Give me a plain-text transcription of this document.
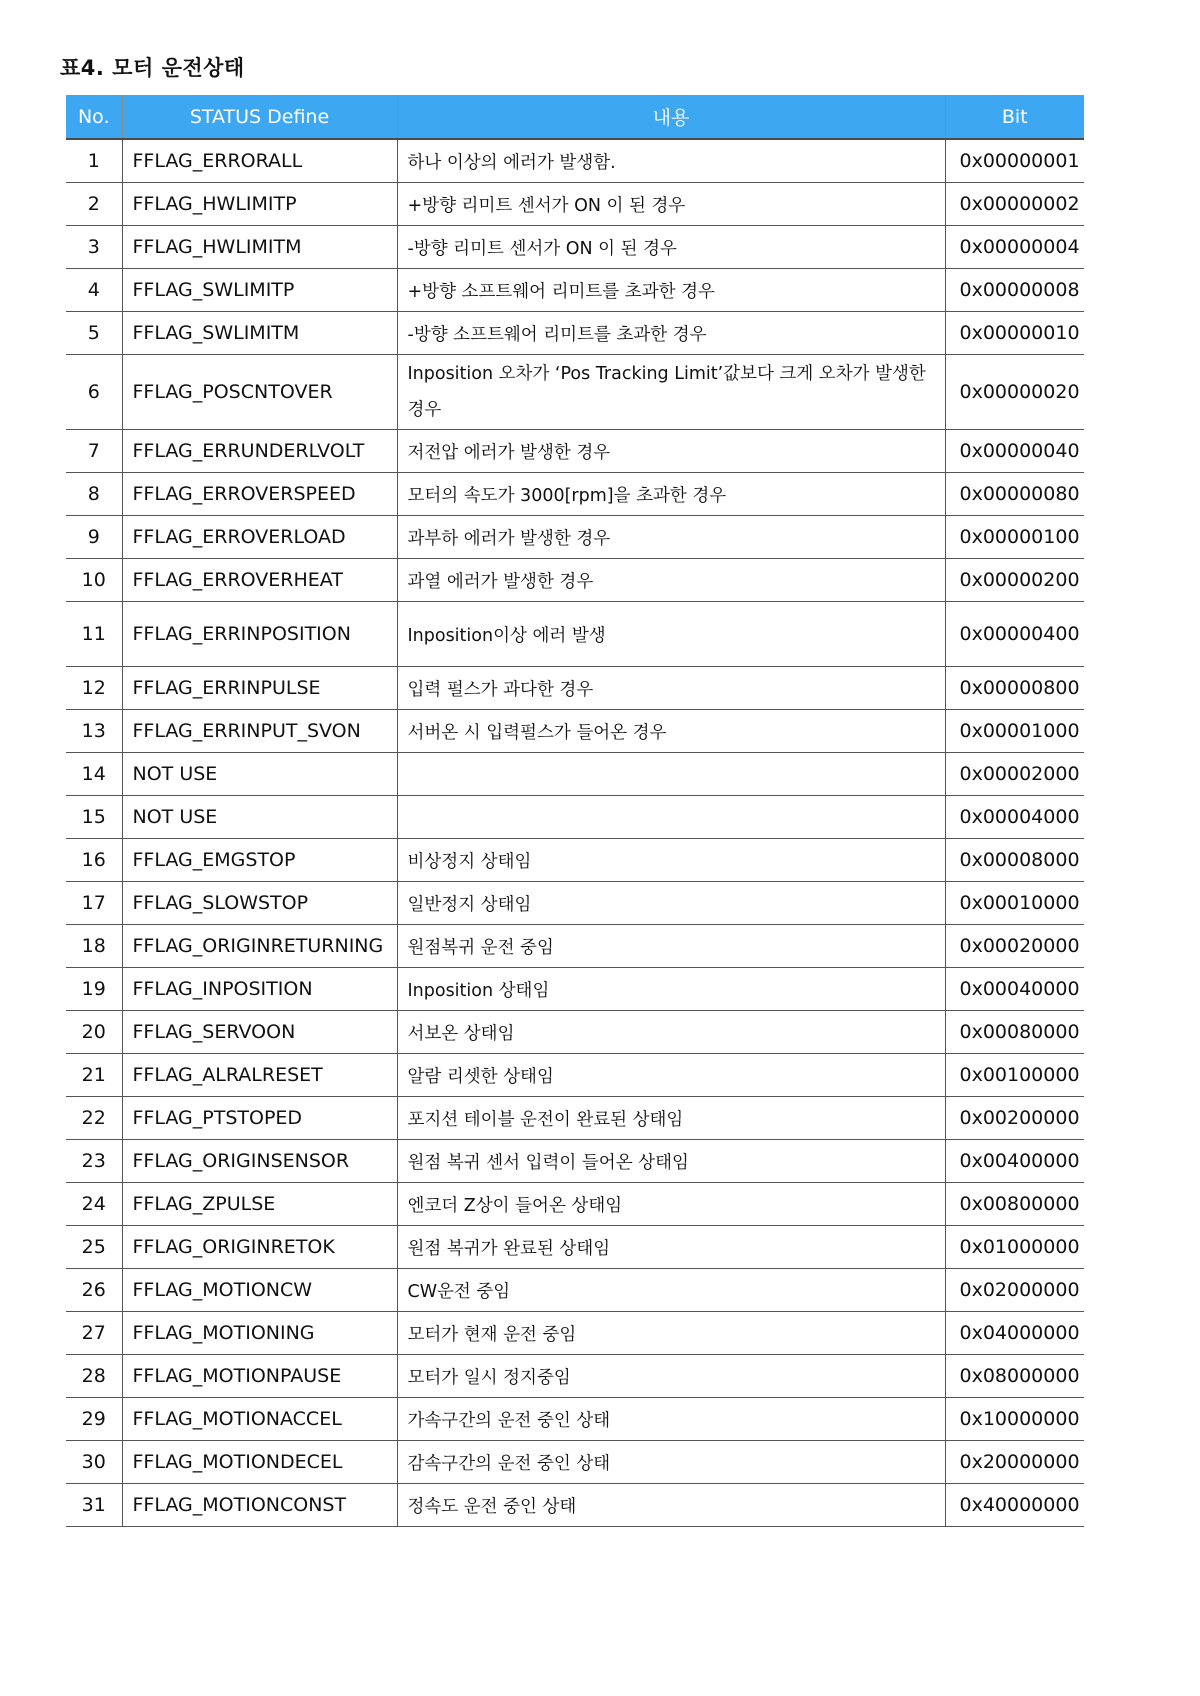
표4. 모터 운전상태
No.	STATUS Define	내용	Bit
1	FFLAG_ERRORALL	하나 이상의 에러가 발생함.	0x00000001
2	FFLAG_HWLIMITP	+방향 리미트 센서가 ON 이 된 경우	0x00000002
3	FFLAG_HWLIMITM	-방향 리미트 센서가 ON 이 된 경우	0x00000004
4	FFLAG_SWLIMITP	+방향 소프트웨어 리미트를 초과한 경우	0x00000008
5	FFLAG_SWLIMITM	-방향 소프트웨어 리미트를 초과한 경우	0x00000010
6	FFLAG_POSCNTOVER	Inposition 오차가 ‘Pos Tracking Limit’값보다 크게 오차가 발생한 경우	0x00000020
7	FFLAG_ERRUNDERLVOLT	저전압 에러가 발생한 경우	0x00000040
8	FFLAG_ERROVERSPEED	모터의 속도가 3000[rpm]을 초과한 경우	0x00000080
9	FFLAG_ERROVERLOAD	과부하 에러가 발생한 경우	0x00000100
10	FFLAG_ERROVERHEAT	과열 에러가 발생한 경우	0x00000200
11	FFLAG_ERRINPOSITION	Inposition이상 에러 발생	0x00000400
12	FFLAG_ERRINPULSE	입력 펄스가 과다한 경우	0x00000800
13	FFLAG_ERRINPUT_SVON	서버온 시 입력펄스가 들어온 경우	0x00001000
14	NOT USE		0x00002000
15	NOT USE		0x00004000
16	FFLAG_EMGSTOP	비상정지 상태임	0x00008000
17	FFLAG_SLOWSTOP	일반정지 상태임	0x00010000
18	FFLAG_ORIGINRETURNING	원점복귀 운전 중임	0x00020000
19	FFLAG_INPOSITION	Inposition 상태임	0x00040000
20	FFLAG_SERVOON	서보온 상태임	0x00080000
21	FFLAG_ALRALRESET	알람 리셋한 상태임	0x00100000
22	FFLAG_PTSTOPED	포지션 테이블 운전이 완료된 상태임	0x00200000
23	FFLAG_ORIGINSENSOR	원점 복귀 센서 입력이 들어온 상태임	0x00400000
24	FFLAG_ZPULSE	엔코더 Z상이 들어온 상태임	0x00800000
25	FFLAG_ORIGINRETOK	원점 복귀가 완료된 상태임	0x01000000
26	FFLAG_MOTIONCW	CW운전 중임	0x02000000
27	FFLAG_MOTIONING	모터가 현재 운전 중임	0x04000000
28	FFLAG_MOTIONPAUSE	모터가 일시 정지중임	0x08000000
29	FFLAG_MOTIONACCEL	가속구간의 운전 중인 상태	0x10000000
30	FFLAG_MOTIONDECEL	감속구간의 운전 중인 상태	0x20000000
31	FFLAG_MOTIONCONST	정속도 운전 중인 상태	0x40000000
